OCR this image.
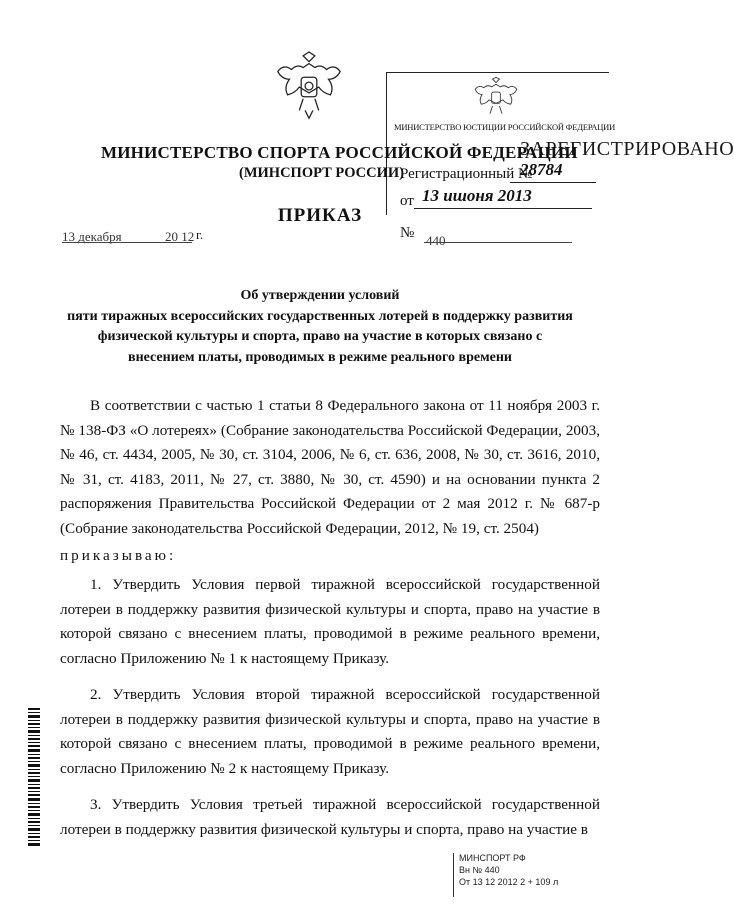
МИНИСТЕРСТВО ЮСТИЦИИ РОССИЙСКОЙ ФЕДЕРАЦИИ
ЗАРЕГИСТРИРОВАНО
Регистрационный №
28784
от 13 ишоня 2013
МИНИСТЕРСТВО СПОРТА РОССИЙСКОЙ ФЕДЕРАЦИИ
(МИНСПОРТ РОССИИ)
ПРИКАЗ
13 декабря	20 12 г.	№ 440
Об утверждении условий
пяти тиражных всероссийских государственных лотерей в поддержку развития
физической культуры и спорта, право на участие в которых связано с
внесением платы, проводимых в режиме реального времени
В соответствии с частью 1 статьи 8 Федерального закона от 11 ноября 2003 г. № 138-ФЗ «О лотереях» (Собрание законодательства Российской Федерации, 2003, № 46, ст. 4434, 2005, № 30, ст. 3104, 2006, № 6, ст. 636, 2008, № 30, ст. 3616, 2010, № 31, ст. 4183, 2011, № 27, ст. 3880, № 30, ст. 4590) и на основании пункта 2 распоряжения Правительства Российской Федерации от 2 мая 2012 г. № 687-р (Собрание законодательства Российской Федерации, 2012, № 19, ст. 2504)
приказываю:
1. Утвердить Условия первой тиражной всероссийской государственной лотереи в поддержку развития физической культуры и спорта, право на участие в которой связано с внесением платы, проводимой в режиме реального времени, согласно Приложению № 1 к настоящему Приказу.
2. Утвердить Условия второй тиражной всероссийской государственной лотереи в поддержку развития физической культуры и спорта, право на участие в которой связано с внесением платы, проводимой в режиме реального времени, согласно Приложению № 2 к настоящему Приказу.
3. Утвердить Условия третьей тиражной всероссийской государственной лотереи в поддержку развития физической культуры и спорта, право на участие в
МИНСПОРТ РФ
Вн № 440
От 13 12 2012 2 + 109 л
